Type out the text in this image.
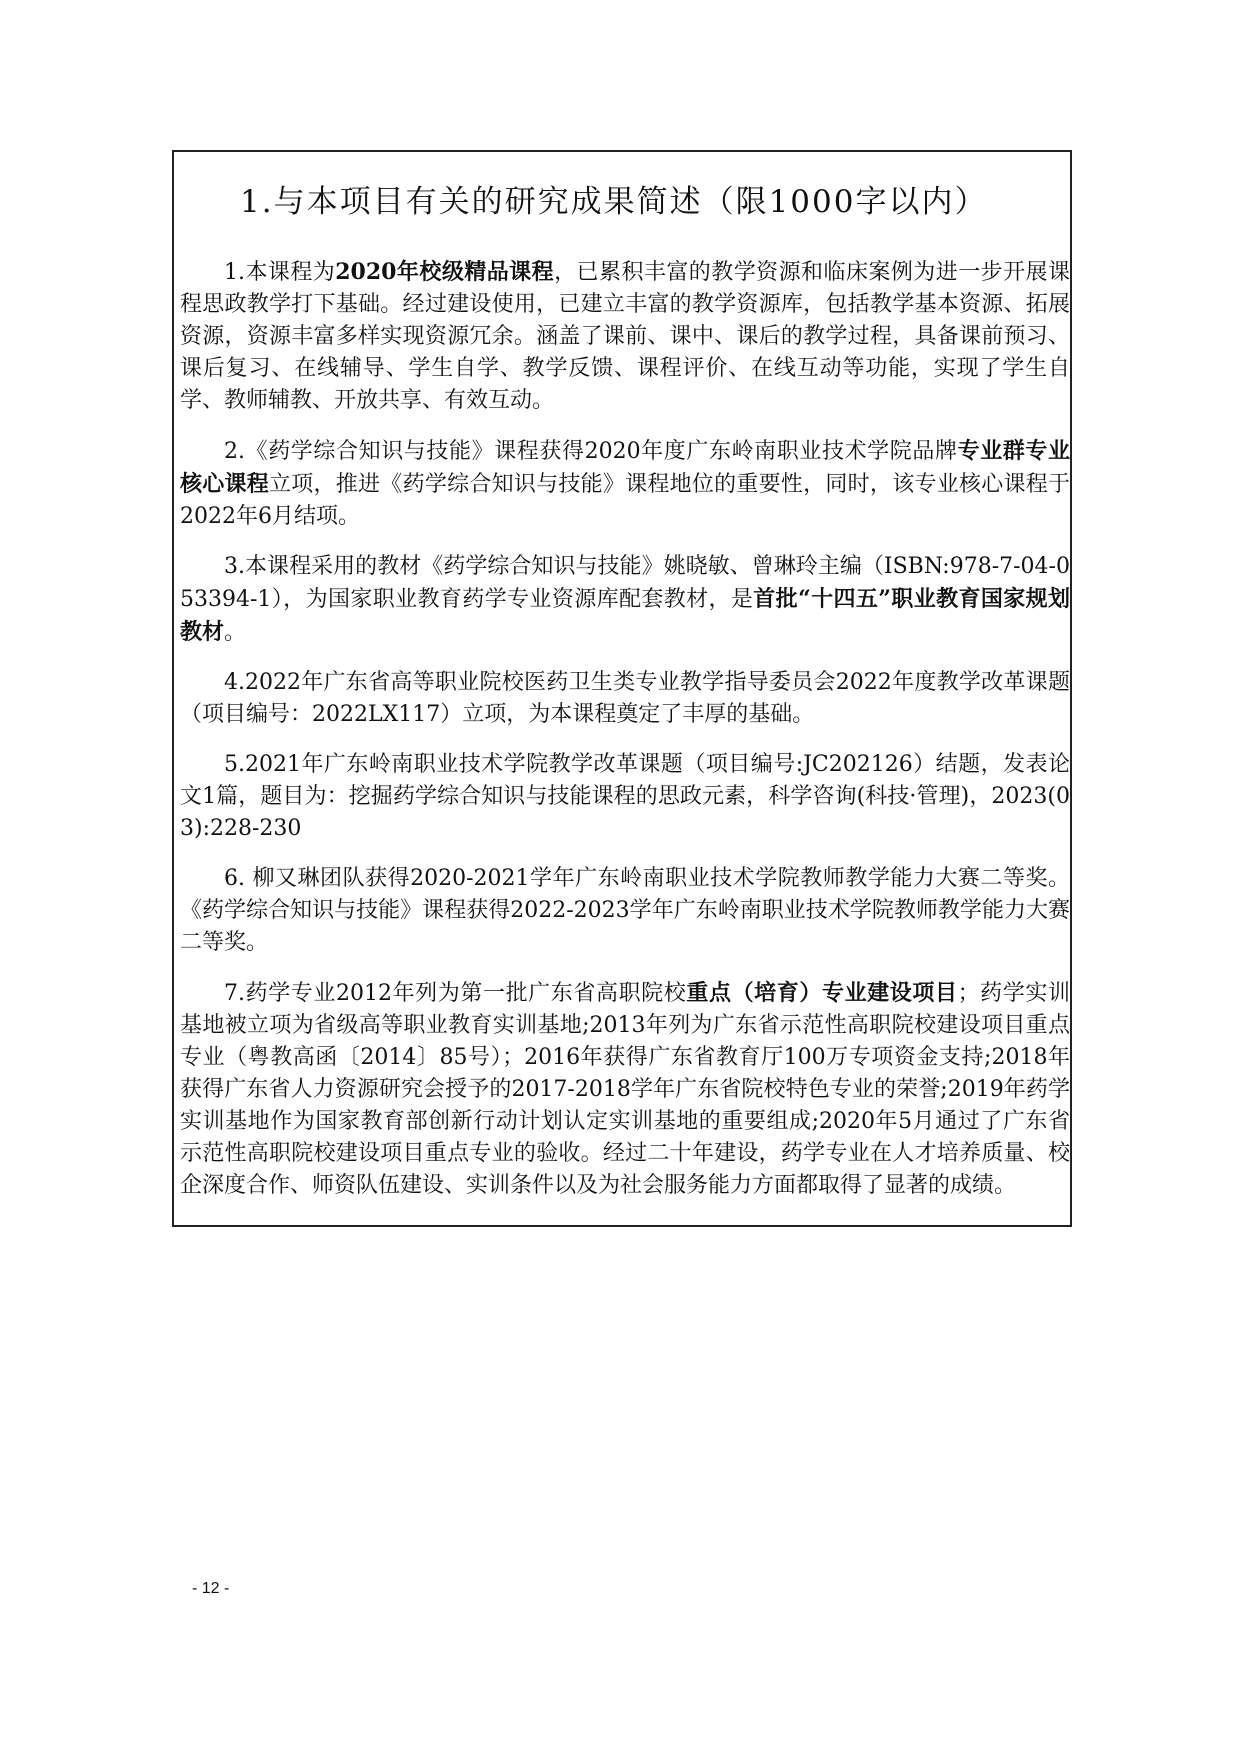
1.与本项目有关的研究成果简述（限1000字以内）

1.本课程为2020年校级精品课程，已累积丰富的教学资源和临床案例为进一步开展课程思政教学打下基础。经过建设使用，已建立丰富的教学资源库，包括教学基本资源、拓展资源，资源丰富多样实现资源冗余。涵盖了课前、课中、课后的教学过程，具备课前预习、课后复习、在线辅导、学生自学、教学反馈、课程评价、在线互动等功能，实现了学生自学、教师辅教、开放共享、有效互动。

2.《药学综合知识与技能》课程获得2020年度广东岭南职业技术学院品牌专业群专业核心课程立项，推进《药学综合知识与技能》课程地位的重要性，同时，该专业核心课程于2022年6月结项。

3.本课程采用的教材《药学综合知识与技能》姚晓敏、曾琳玲主编（ISBN:978-7-04-053394-1），为国家职业教育药学专业资源库配套教材，是首批“十四五”职业教育国家规划教材。

4.2022年广东省高等职业院校医药卫生类专业教学指导委员会2022年度教学改革课题（项目编号：2022LX117）立项，为本课程奠定了丰厚的基础。

5.2021年广东岭南职业技术学院教学改革课题（项目编号:JC202126）结题，发表论文1篇，题目为：挖掘药学综合知识与技能课程的思政元素，科学咨询(科技·管理)，2023(03):228-230

6. 柳又琳团队获得2020-2021学年广东岭南职业技术学院教师教学能力大赛二等奖。《药学综合知识与技能》课程获得2022-2023学年广东岭南职业技术学院教师教学能力大赛二等奖。

7.药学专业2012年列为第一批广东省高职院校重点（培育）专业建设项目；药学实训基地被立项为省级高等职业教育实训基地;2013年列为广东省示范性高职院校建设项目重点专业（粤教高函〔2014〕85号）；2016年获得广东省教育厅100万专项资金支持;2018年获得广东省人力资源研究会授予的2017-2018学年广东省院校特色专业的荣誉;2019年药学实训基地作为国家教育部创新行动计划认定实训基地的重要组成;2020年5月通过了广东省示范性高职院校建设项目重点专业的验收。经过二十年建设，药学专业在人才培养质量、校企深度合作、师资队伍建设、实训条件以及为社会服务能力方面都取得了显著的成绩。

- 12 -
